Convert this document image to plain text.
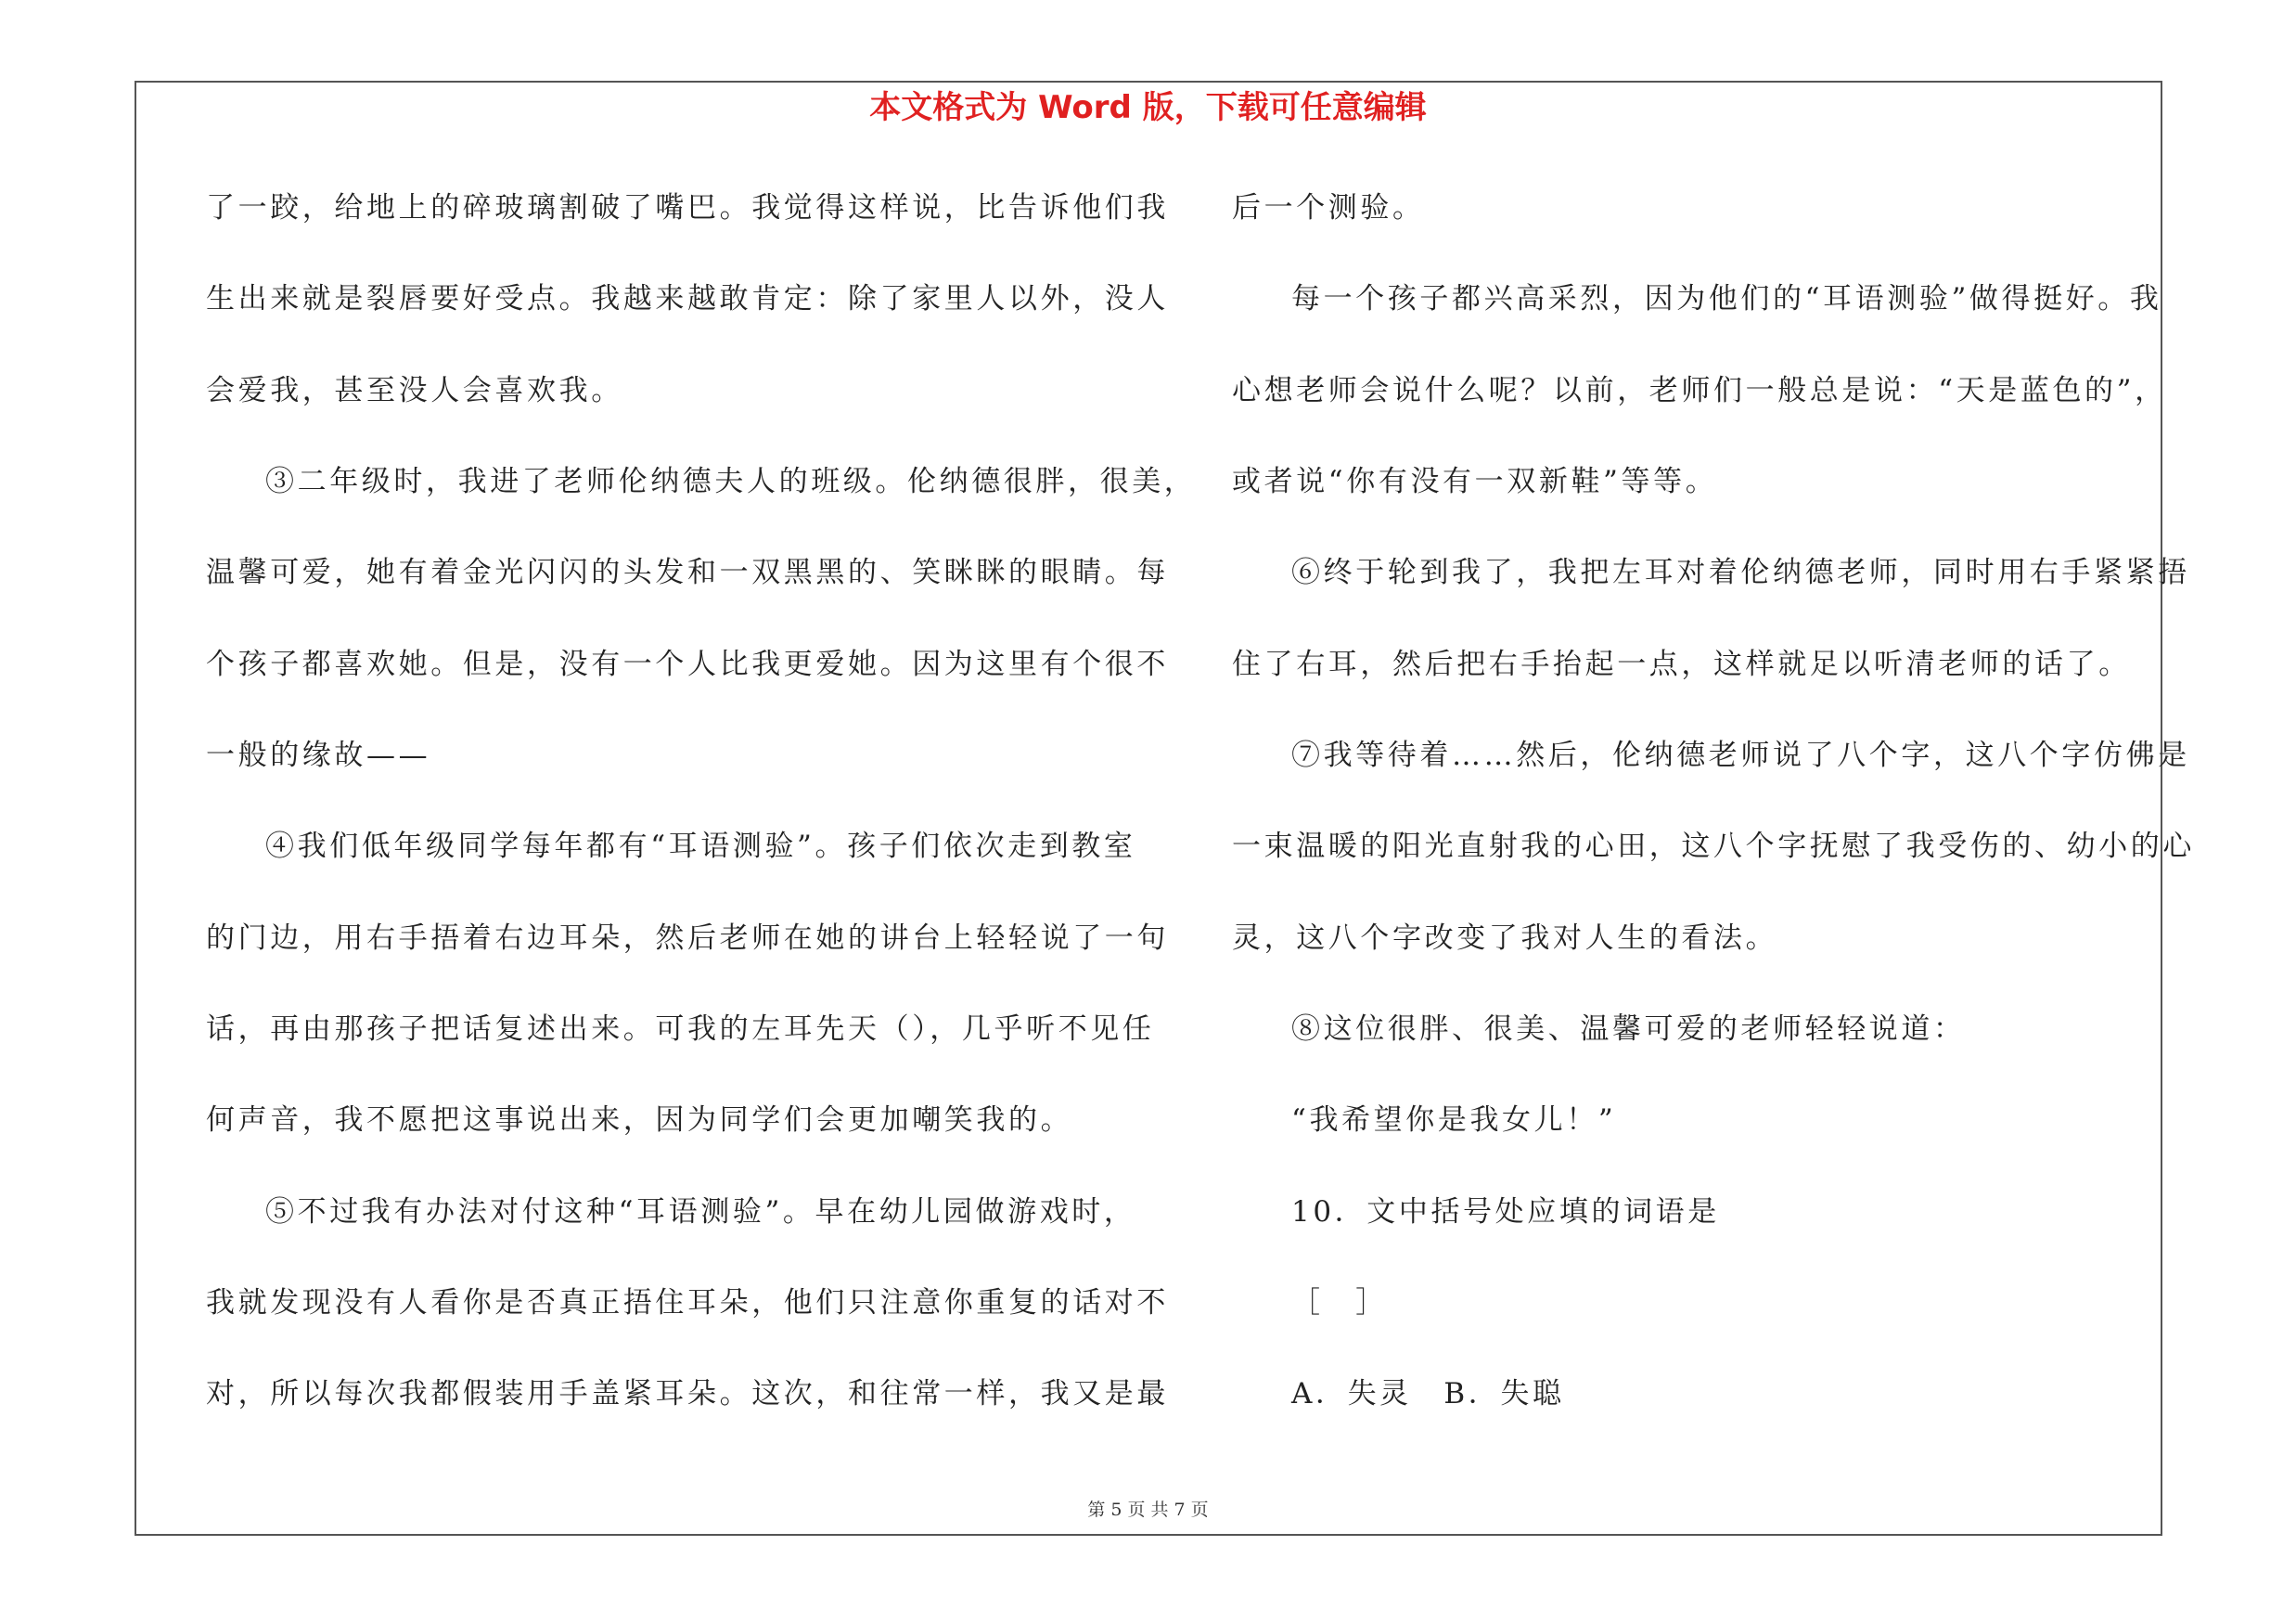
本文格式为 Word 版，下载可任意编辑
了一跤，给地上的碎玻璃割破了嘴巴。我觉得这样说，比告诉他们我
生出来就是裂唇要好受点。我越来越敢肯定：除了家里人以外，没人
会爱我，甚至没人会喜欢我。
③二年级时，我进了老师伦纳德夫人的班级。伦纳德很胖，很美，
温馨可爱，她有着金光闪闪的头发和一双黑黑的、笑眯眯的眼睛。每
个孩子都喜欢她。但是，没有一个人比我更爱她。因为这里有个很不
一般的缘故——
④我们低年级同学每年都有“耳语测验”。孩子们依次走到教室
的门边，用右手捂着右边耳朵，然后老师在她的讲台上轻轻说了一句
话，再由那孩子把话复述出来。可我的左耳先天（），几乎听不见任
何声音，我不愿把这事说出来，因为同学们会更加嘲笑我的。
⑤不过我有办法对付这种“耳语测验”。早在幼儿园做游戏时，
我就发现没有人看你是否真正捂住耳朵，他们只注意你重复的话对不
对，所以每次我都假装用手盖紧耳朵。这次，和往常一样，我又是最
后一个测验。
每一个孩子都兴高采烈，因为他们的“耳语测验”做得挺好。我
心想老师会说什么呢？以前，老师们一般总是说：“天是蓝色的”，
或者说“你有没有一双新鞋”等等。
⑥终于轮到我了，我把左耳对着伦纳德老师，同时用右手紧紧捂
住了右耳，然后把右手抬起一点，这样就足以听清老师的话了。
⑦我等待着……然后，伦纳德老师说了八个字，这八个字仿佛是
一束温暖的阳光直射我的心田，这八个字抚慰了我受伤的、幼小的心
灵，这八个字改变了我对人生的看法。
⑧这位很胖、很美、温馨可爱的老师轻轻说道：
“我希望你是我女儿！”
10．文中括号处应填的词语是
［　］
A．失灵　B．失聪
第 5 页 共 7 页
